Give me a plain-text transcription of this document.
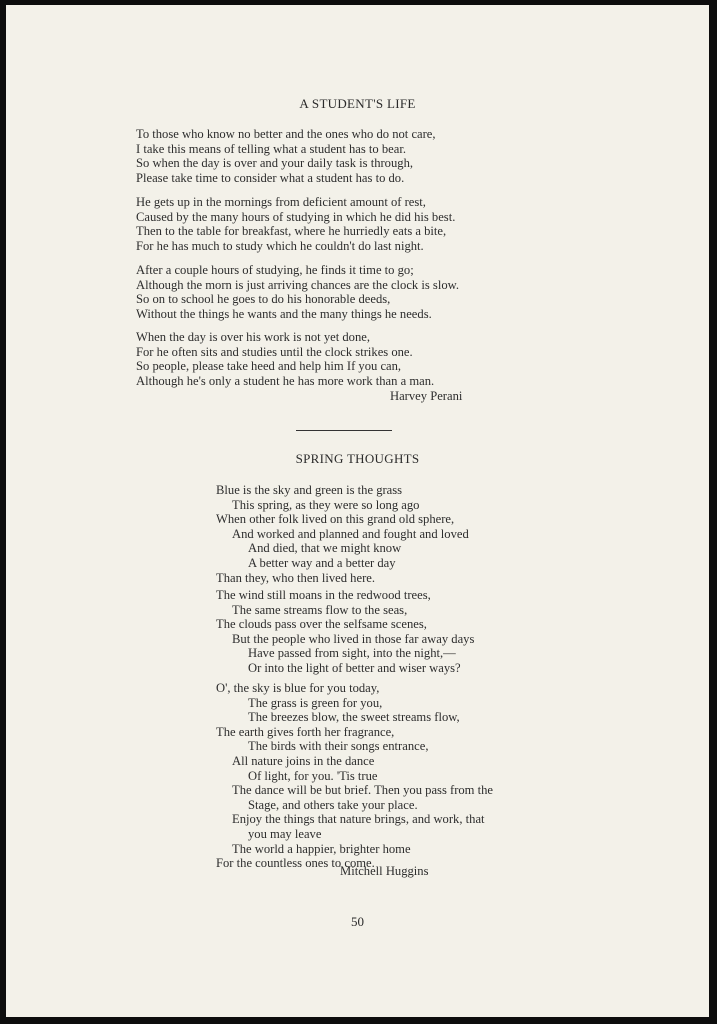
A STUDENT'S LIFE
To those who know no better and the ones who do not care,
I take this means of telling what a student has to bear.
So when the day is over and your daily task is through,
Please take time to consider what a student has to do.
He gets up in the mornings from deficient amount of rest,
Caused by the many hours of studying in which he did his best.
Then to the table for breakfast, where he hurriedly eats a bite,
For he has much to study which he couldn't do last night.
After a couple hours of studying, he finds it time to go;
Although the morn is just arriving chances are the clock is slow.
So on to school he goes to do his honorable deeds,
Without the things he wants and the many things he needs.
When the day is over his work is not yet done,
For he often sits and studies until the clock strikes one.
So people, please take heed and help him If you can,
Although he's only a student he has more work than a man.
Harvey Perani
SPRING THOUGHTS
Blue is the sky and green is the grass
This spring, as they were so long ago
When other folk lived on this grand old sphere,
And worked and planned and fought and loved
And died, that we might know
A better way and a better day
Than they, who then lived here.
The wind still moans in the redwood trees,
The same streams flow to the seas,
The clouds pass over the selfsame scenes,
But the people who lived in those far away days
Have passed from sight, into the night,—
Or into the light of better and wiser ways?
O', the sky is blue for you today,
The grass is green for you,
The breezes blow, the sweet streams flow,
The earth gives forth her fragrance,
The birds with their songs entrance,
All nature joins in the dance
Of light, for you. 'Tis true
The dance will be but brief. Then you pass from the
Stage, and others take your place.
Enjoy the things that nature brings, and work, that
you may leave
The world a happier, brighter home
For the countless ones to come.
Mitchell Huggins
50
